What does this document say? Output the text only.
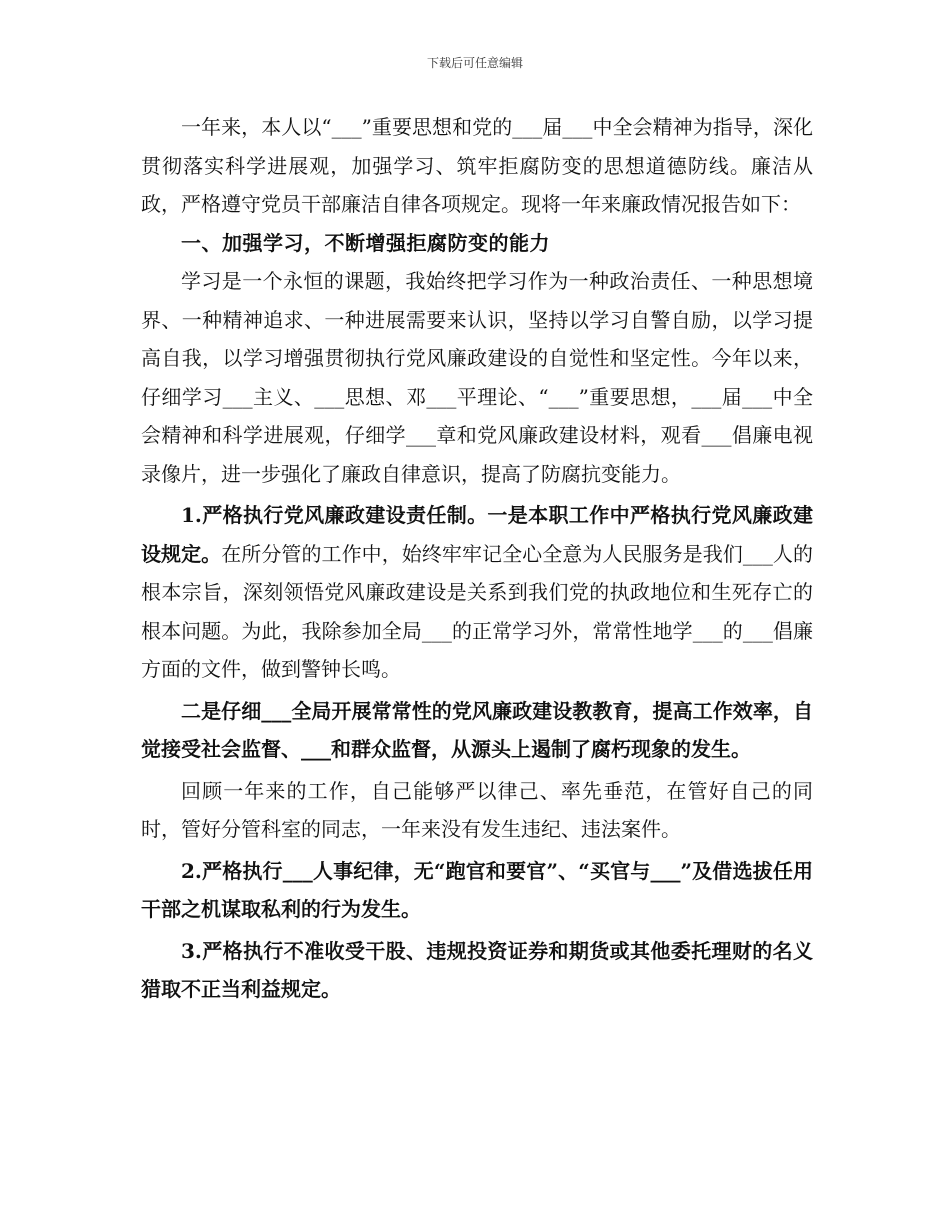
下载后可任意编辑

一年来，本人以“___”重要思想和党的___届___中全会精神为指导，深化贯彻落实科学进展观，加强学习、筑牢拒腐防变的思想道德防线。廉洁从政，严格遵守党员干部廉洁自律各项规定。现将一年来廉政情况报告如下：

一、加强学习，不断增强拒腐防变的能力

学习是一个永恒的课题，我始终把学习作为一种政治责任、一种思想境界、一种精神追求、一种进展需要来认识，坚持以学习自警自励，以学习提高自我，以学习增强贯彻执行党风廉政建设的自觉性和坚定性。今年以来，仔细学习___主义、___思想、邓___平理论、“___”重要思想，___届___中全会精神和科学进展观，仔细学___章和党风廉政建设材料，观看___倡廉电视录像片，进一步强化了廉政自律意识，提高了防腐抗变能力。

1.严格执行党风廉政建设责任制。一是本职工作中严格执行党风廉政建设规定。在所分管的工作中，始终牢牢记全心全意为人民服务是我们___人的根本宗旨，深刻领悟党风廉政建设是关系到我们党的执政地位和生死存亡的根本问题。为此，我除参加全局___的正常学习外，常常性地学___的___倡廉方面的文件，做到警钟长鸣。

二是仔细___全局开展常常性的党风廉政建设教教育，提高工作效率，自觉接受社会监督、___和群众监督，从源头上遏制了腐朽现象的发生。

回顾一年来的工作，自己能够严以律己、率先垂范，在管好自己的同时，管好分管科室的同志，一年来没有发生违纪、违法案件。

2.严格执行___人事纪律，无“跑官和要官”、“买官与___”及借选拔任用干部之机谋取私利的行为发生。

3.严格执行不准收受干股、违规投资证券和期货或其他委托理财的名义猎取不正当利益规定。
